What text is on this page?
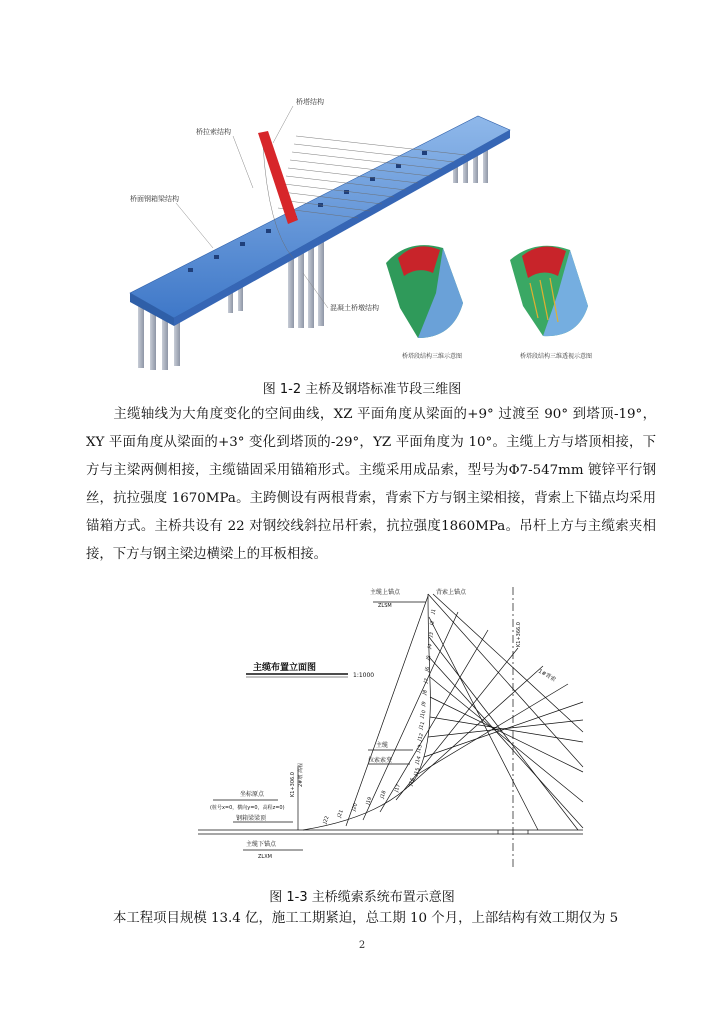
桥塔结构
桥拉索结构
桥面钢箱梁结构
混凝土桥墩结构
桥塔段结构三维示意图	桥塔段结构三维透视示意图
图 1-2 主桥及钢塔标准节段三维图
主缆轴线为大角度变化的空间曲线，XZ 平面角度从梁面的+9° 过渡至 90° 到塔顶-19°，XY 平面角度从梁面的+3° 变化到塔顶的-29°，YZ 平面角度为 10°。主缆上方与塔顶相接，下方与主梁两侧相接，主缆锚固采用锚箱形式。主缆采用成品索，型号为Φ7-547mm 镀锌平行钢丝，抗拉强度 1670MPa。主跨侧设有两根背索，背索下方与钢主梁相接，背索上下锚点均采用锚箱方式。主桥共设有 22 对钢绞线斜拉吊杆索，抗拉强度1860MPa。吊杆上方与主缆索夹相接，下方与钢主梁边横梁上的耳板相接。
主缆布置立面图
1:1000
主缆上锚点
ZLSM
背索上锚点
K1+366.0
1#背索
主缆
拉索索夹
K1+306.0 2#墩 高程
坐标原点
(桩号x=0，横向y=0，高程z=0)
钢箱梁梁顶
主缆下锚点
ZLXM
J22
J21
J20
J19
J18
J17
J16
J15
J14
J13
J12
J11
J10
J9
J8
J7
J6
J5
J4
J3
J2
J1
图 1-3 主桥缆索系统布置示意图
本工程项目规模 13.4 亿，施工工期紧迫，总工期 10 个月，上部结构有效工期仅为 5
2
